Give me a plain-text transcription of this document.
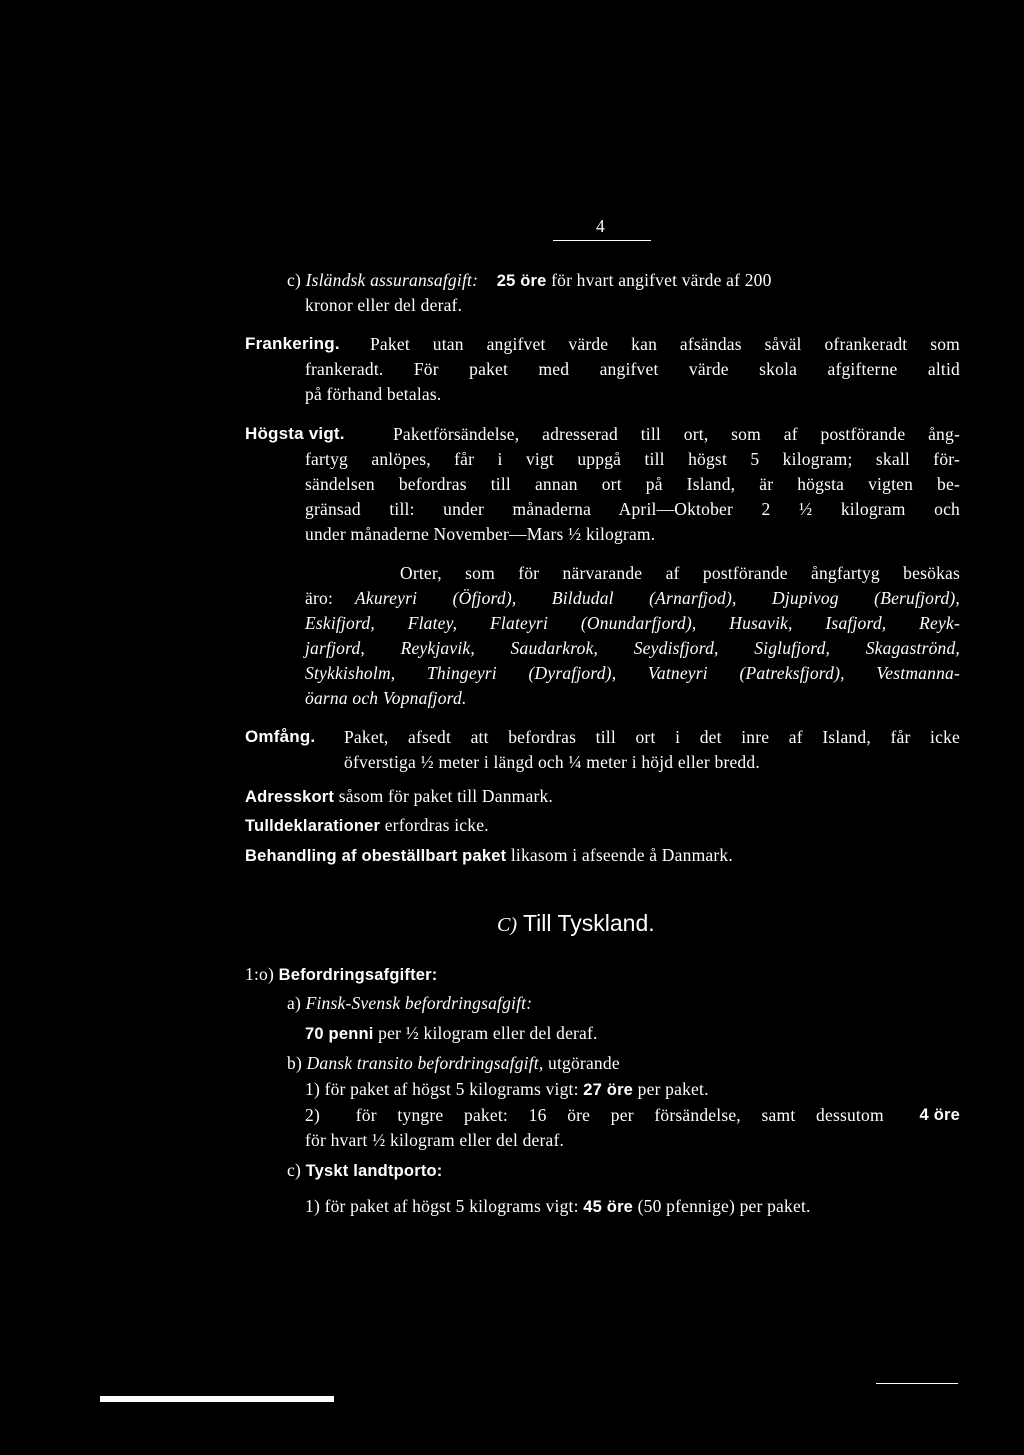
4
c) Isländsk assuransafgift: 25 öre för hvart angifvet värde af 200
kronor eller del deraf.
Frankering. Paket utan angifvet värde kan afsändas såväl ofrankeradt som
frankeradt. För paket med angifvet värde skola afgifterne altid
på förhand betalas.
Högsta vigt.	Paketförsändelse, adresserad till ort, som af postförande ång-
fartyg anlöpes, får i vigt uppgå till högst 5 kilogram; skall för-
sändelsen befordras till annan ort på Island, är högsta vigten be-
gränsad till: under månaderna April—Oktober 2 ½ kilogram och
under månaderne November—Mars ½ kilogram.
Orter, som för närvarande af postförande ångfartyg besökas
äro: Akureyri (Öfjord), Bildudal (Arnarfjod), Djupivog (Berufjord),
Eskifjord, Flatey, Flateyri (Onundarfjord), Husavik, Isafjord, Reyk-
jarfjord, Reykjavik, Saudarkrok, Seydisfjord, Siglufjord, Skagaströnd,
Stykkisholm, Thingeyri (Dyrafjord), Vatneyri (Patreksfjord), Vestmanna-
öarna och Vopnafjord.
Omfång. Paket, afsedt att befordras till ort i det inre af Island, får icke
öfverstiga ½ meter i längd och ¼ meter i höjd eller bredd.
Adresskort såsom för paket till Danmark.
Tulldeklarationer erfordras icke.
Behandling af obeställbart paket likasom i afseende å Danmark.
C) Till Tyskland.
1:o) Befordringsafgifter:
a) Finsk-Svensk befordringsafgift:
70 penni per ½ kilogram eller del deraf.
b) Dansk transito befordringsafgift, utgörande
1) för paket af högst 5 kilograms vigt: 27 öre per paket.
2) för tyngre paket: 16 öre per försändelse, samt dessutom 4 öre
för hvart ½ kilogram eller del deraf.
c) Tyskt landtporto:
1) för paket af högst 5 kilograms vigt: 45 öre (50 pfennige) per paket.
